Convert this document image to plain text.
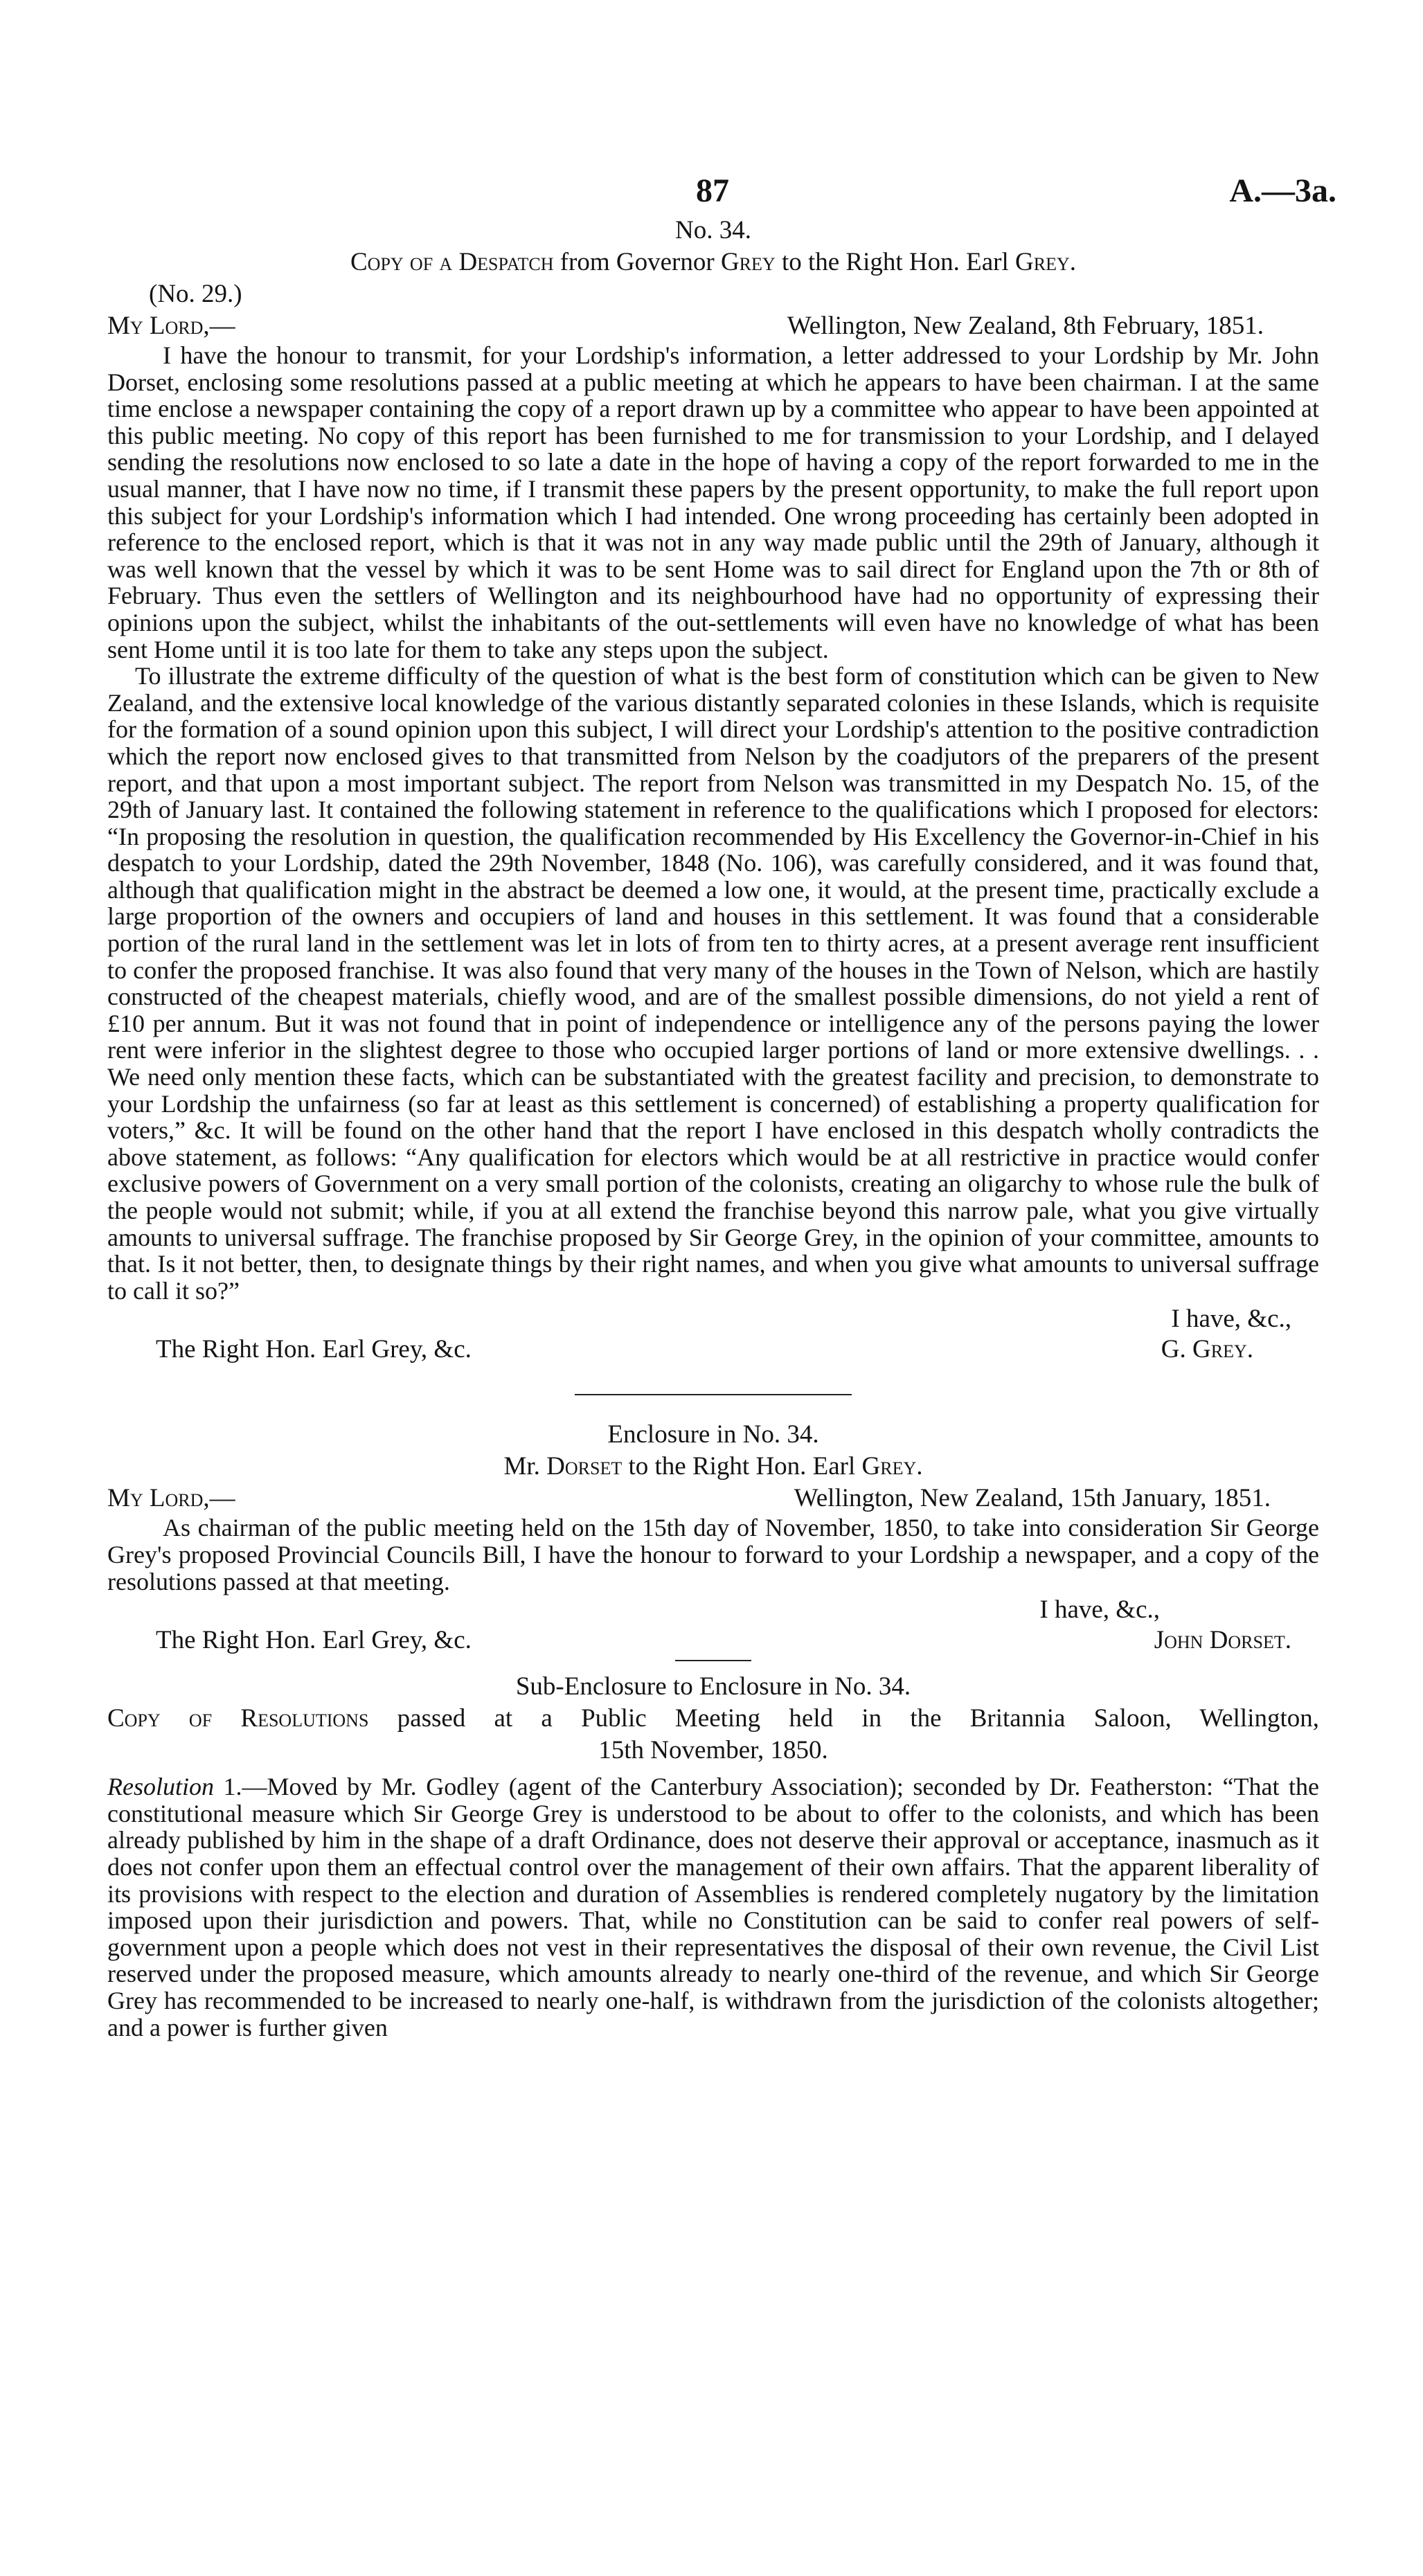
87	A.—3a.
No. 34.
Copy of a Despatch from Governor Grey to the Right Hon. Earl Grey.
(No. 29.)
My Lord,—	Wellington, New Zealand, 8th February, 1851.

I have the honour to transmit, for your Lordship's information, a letter addressed to your Lordship by Mr. John Dorset, enclosing some resolutions passed at a public meeting at which he appears to have been chairman. I at the same time enclose a newspaper containing the copy of a report drawn up by a committee who appear to have been appointed at this public meeting. No copy of this report has been furnished to me for transmission to your Lordship, and I delayed sending the resolutions now enclosed to so late a date in the hope of having a copy of the report forwarded to me in the usual manner, that I have now no time, if I transmit these papers by the present opportunity, to make the full report upon this subject for your Lordship's information which I had intended. One wrong proceeding has certainly been adopted in reference to the enclosed report, which is that it was not in any way made public until the 29th of January, although it was well known that the vessel by which it was to be sent Home was to sail direct for England upon the 7th or 8th of February. Thus even the settlers of Wellington and its neighbourhood have had no opportunity of expressing their opinions upon the subject, whilst the inhabitants of the out-settlements will even have no knowledge of what has been sent Home until it is too late for them to take any steps upon the subject.

To illustrate the extreme difficulty of the question of what is the best form of constitution which can be given to New Zealand, and the extensive local knowledge of the various distantly separated colonies in these Islands, which is requisite for the formation of a sound opinion upon this subject, I will direct your Lordship's attention to the positive contradiction which the report now enclosed gives to that transmitted from Nelson by the coadjutors of the preparers of the present report, and that upon a most important subject. The report from Nelson was transmitted in my Despatch No. 15, of the 29th of January last. It contained the following statement in reference to the qualifications which I proposed for electors: “In proposing the resolution in question, the qualification recommended by His Excellency the Governor-in-Chief in his despatch to your Lordship, dated the 29th November, 1848 (No. 106), was carefully considered, and it was found that, although that qualification might in the abstract be deemed a low one, it would, at the present time, practically exclude a large proportion of the owners and occupiers of land and houses in this settlement. It was found that a considerable portion of the rural land in the settlement was let in lots of from ten to thirty acres, at a present average rent insufficient to confer the proposed franchise. It was also found that very many of the houses in the Town of Nelson, which are hastily constructed of the cheapest materials, chiefly wood, and are of the smallest possible dimensions, do not yield a rent of £10 per annum. But it was not found that in point of independence or intelligence any of the persons paying the lower rent were inferior in the slightest degree to those who occupied larger portions of land or more extensive dwellings. . . We need only mention these facts, which can be substantiated with the greatest facility and precision, to demonstrate to your Lordship the unfairness (so far at least as this settlement is concerned) of establishing a property qualification for voters,” &c. It will be found on the other hand that the report I have enclosed in this despatch wholly contradicts the above statement, as follows: “Any qualification for electors which would be at all restrictive in practice would confer exclusive powers of Government on a very small portion of the colonists, creating an oligarchy to whose rule the bulk of the people would not submit; while, if you at all extend the franchise beyond this narrow pale, what you give virtually amounts to universal suffrage. The franchise proposed by Sir George Grey, in the opinion of your committee, amounts to that. Is it not better, then, to designate things by their right names, and when you give what amounts to universal suffrage to call it so?”

I have, &c.,
The Right Hon. Earl Grey, &c.	G. Grey.
Enclosure in No. 34.
Mr. Dorset to the Right Hon. Earl Grey.
My Lord,—	Wellington, New Zealand, 15th January, 1851.

As chairman of the public meeting held on the 15th day of November, 1850, to take into consideration Sir George Grey's proposed Provincial Councils Bill, I have the honour to forward to your Lordship a newspaper, and a copy of the resolutions passed at that meeting.

I have, &c.,
The Right Hon. Earl Grey, &c.	John Dorset.
Sub-Enclosure to Enclosure in No. 34.
Copy of Resolutions passed at a Public Meeting held in the Britannia Saloon, Wellington,
15th November, 1850.

Resolution 1.—Moved by Mr. Godley (agent of the Canterbury Association); seconded by Dr. Featherston: “That the constitutional measure which Sir George Grey is understood to be about to offer to the colonists, and which has been already published by him in the shape of a draft Ordinance, does not deserve their approval or acceptance, inasmuch as it does not confer upon them an effectual control over the management of their own affairs. That the apparent liberality of its provisions with respect to the election and duration of Assemblies is rendered completely nugatory by the limitation imposed upon their jurisdiction and powers. That, while no Constitution can be said to confer real powers of self-government upon a people which does not vest in their representatives the disposal of their own revenue, the Civil List reserved under the proposed measure, which amounts already to nearly one-third of the revenue, and which Sir George Grey has recommended to be increased to nearly one-half, is withdrawn from the jurisdiction of the colonists altogether; and a power is further given
